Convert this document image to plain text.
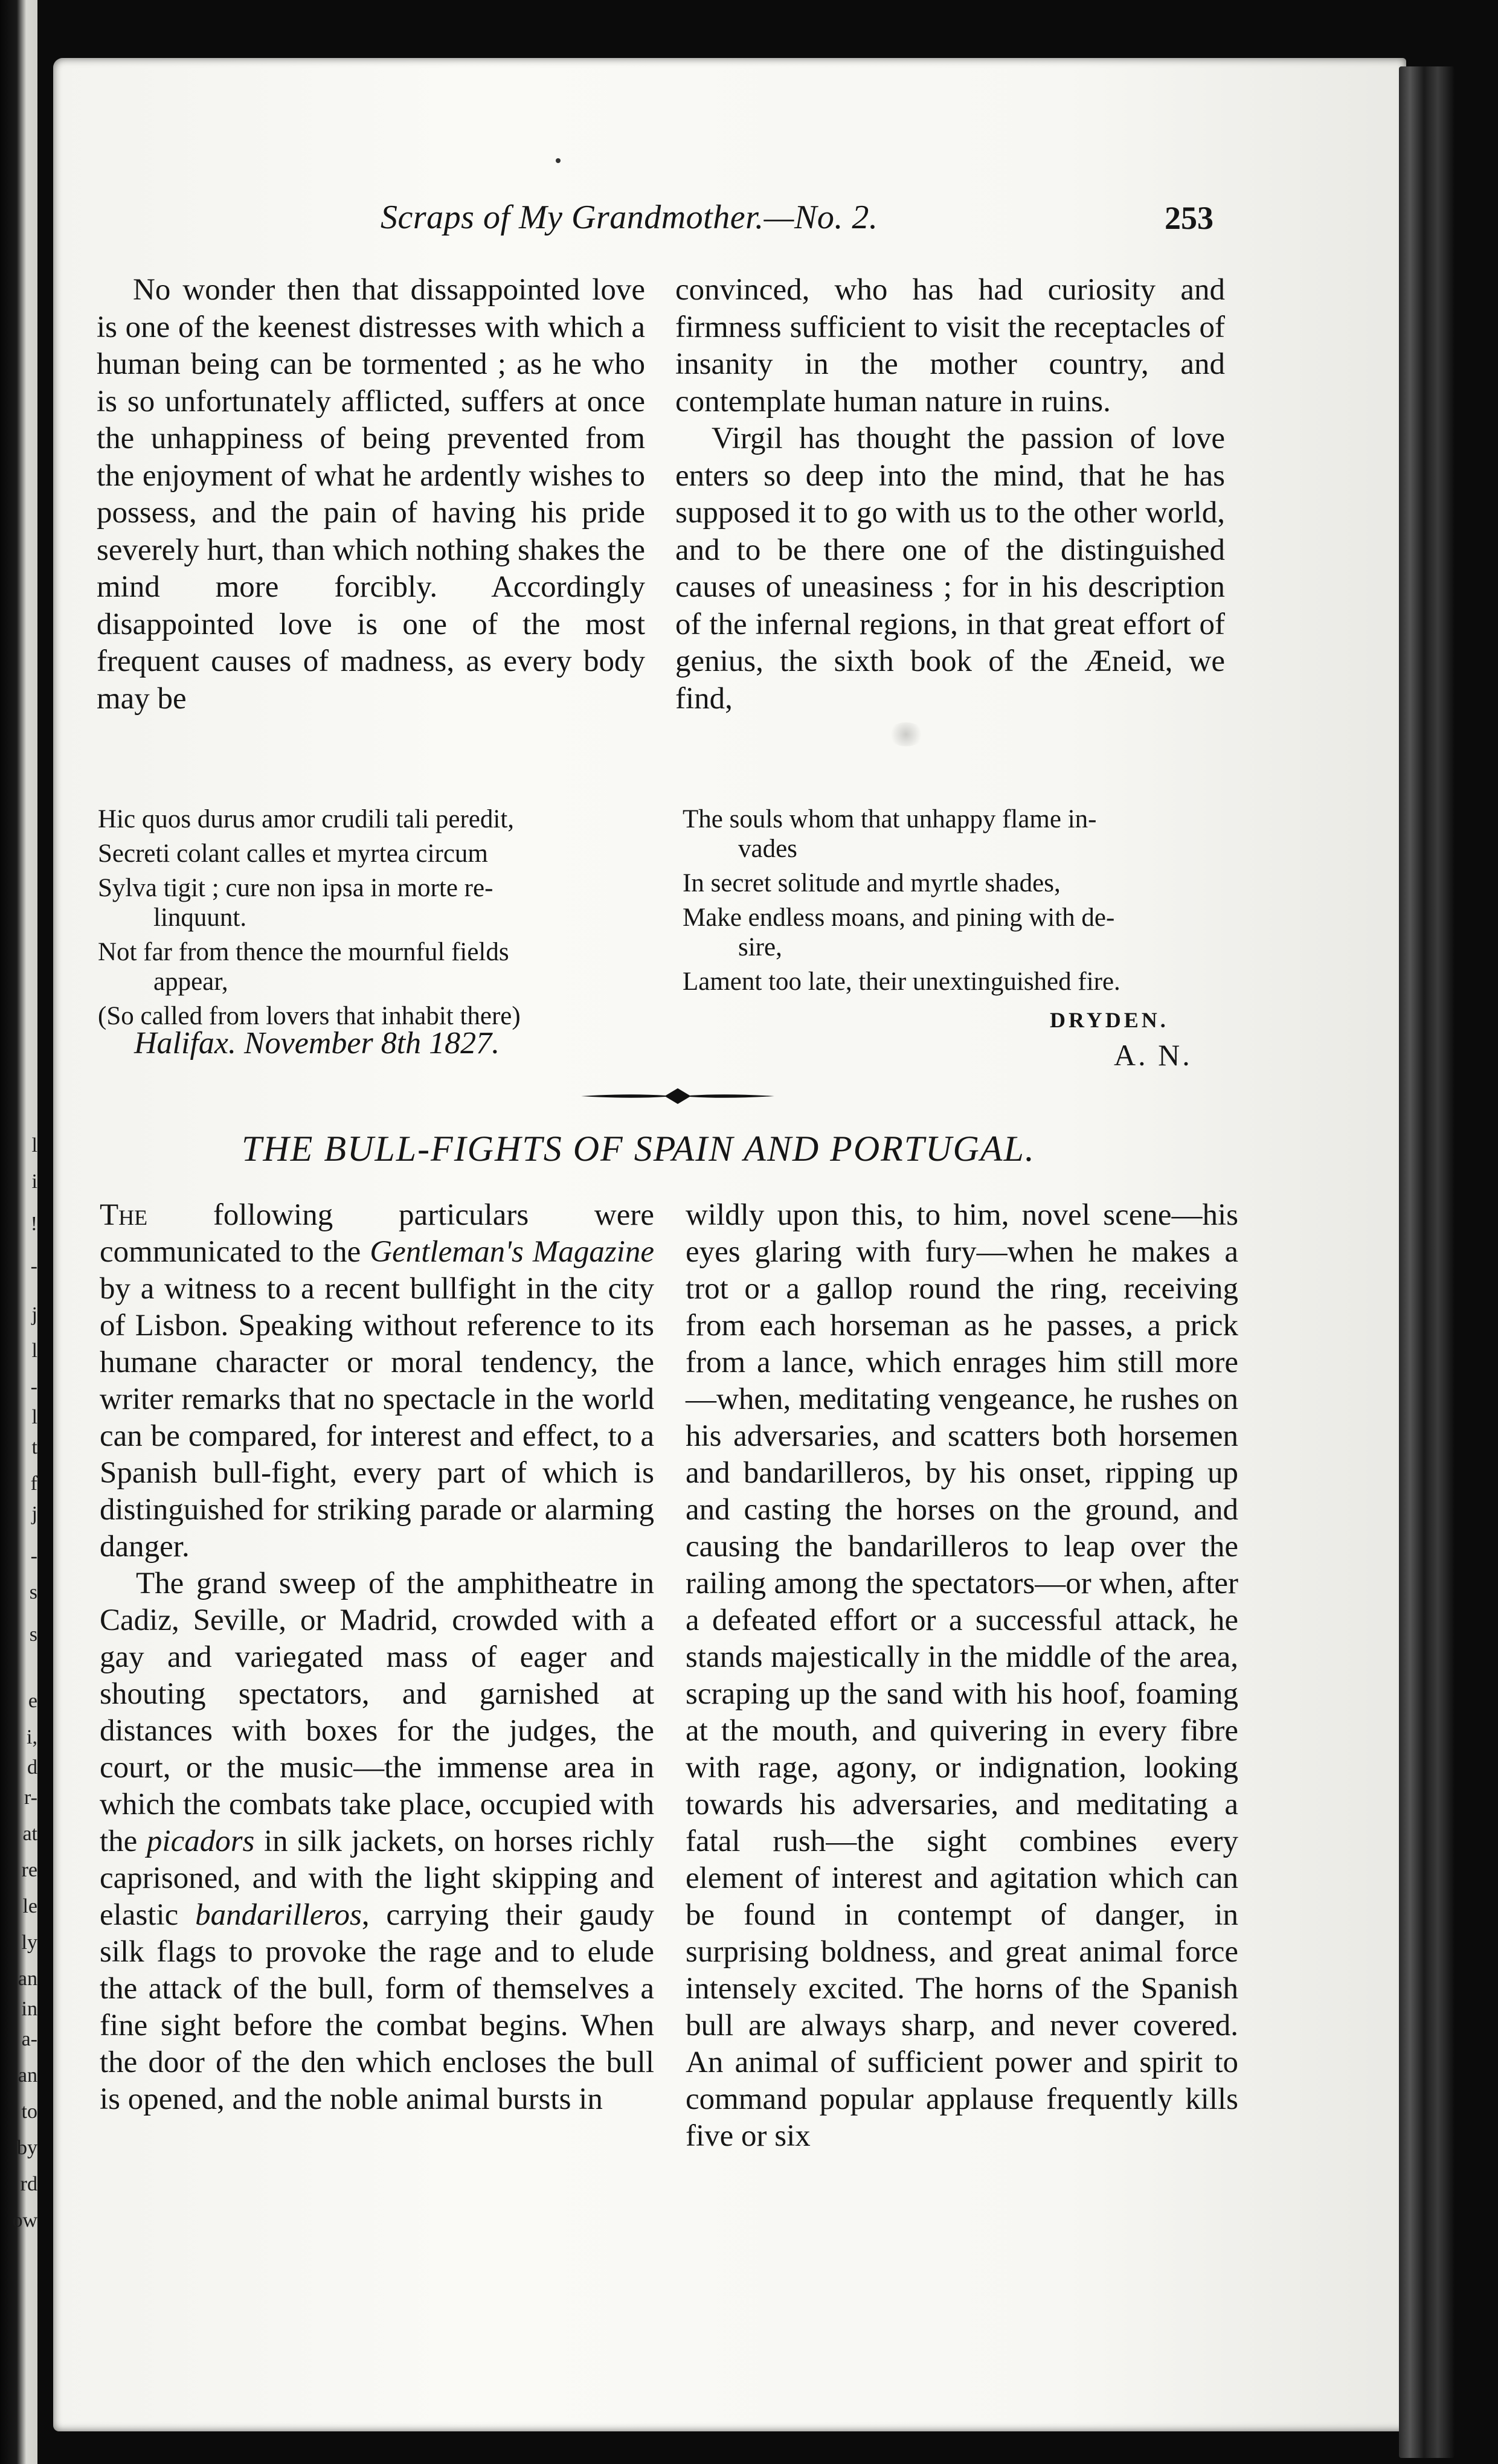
l
i
!
-
j
l
-
l
t
f
j
-
s
s
e
i,
d
r-
at
re
le
ly
an
in
a-
an
to
by
rd
ow
Scraps of My Grandmother.—No. 2.	253

No wonder then that dissappointed love is one of the keenest distresses with which a human being can be tormented ; as he who is so unfortunately afflicted, suffers at once the unhappiness of being prevented from the enjoyment of what he ardently wishes to possess, and the pain of having his pride severely hurt, than which nothing shakes the mind more forcibly. Accordingly disappointed love is one of the most frequent causes of madness, as every body may be

convinced, who has had curiosity and firmness sufficient to visit the receptacles of insanity in the mother country, and contemplate human nature in ruins.

Virgil has thought the passion of love enters so deep into the mind, that he has supposed it to go with us to the other world, and to be there one of the distinguished causes of uneasiness ; for in his description of the infernal regions, in that great effort of genius, the sixth book of the Æneid, we find,

Hic quos durus amor crudili tali peredit,
Secreti colant calles et myrtea circum
Sylva tigit ; cure non ipsa in morte re-
linquunt.
Not far from thence the mournful fields
appear,
(So called from lovers that inhabit there)
The souls whom that unhappy flame in-
vades
In secret solitude and myrtle shades,
Make endless moans, and pining with de-
sire,
Lament too late, their unextinguished fire.
Halifax. November 8th 1827.
DRYDEN.
A. N.
THE BULL-FIGHTS OF SPAIN AND PORTUGAL.

The following particulars were communicated to the Gentleman's Magazine by a witness to a recent bullfight in the city of Lisbon. Speaking without reference to its humane character or moral tendency, the writer remarks that no spectacle in the world can be compared, for interest and effect, to a Spanish bull-fight, every part of which is distinguished for striking parade or alarming danger.

The grand sweep of the amphitheatre in Cadiz, Seville, or Madrid, crowded with a gay and variegated mass of eager and shouting spectators, and garnished at distances with boxes for the judges, the court, or the music—the immense area in which the combats take place, occupied with the picadors in silk jackets, on horses richly caprisoned, and with the light skipping and elastic bandarilleros, carrying their gaudy silk flags to provoke the rage and to elude the attack of the bull, form of themselves a fine sight before the combat begins. When the door of the den which encloses the bull is opened, and the noble animal bursts in

wildly upon this, to him, novel scene—his eyes glaring with fury—when he makes a trot or a gallop round the ring, receiving from each horseman as he passes, a prick from a lance, which enrages him still more—when, meditating vengeance, he rushes on his adversaries, and scatters both horsemen and bandarilleros, by his onset, ripping up and casting the horses on the ground, and causing the bandarilleros to leap over the railing among the spectators—or when, after a defeated effort or a successful attack, he stands majestically in the middle of the area, scraping up the sand with his hoof, foaming at the mouth, and quivering in every fibre with rage, agony, or indignation, looking towards his adversaries, and meditating a fatal rush—the sight combines every element of interest and agitation which can be found in contempt of danger, in surprising boldness, and great animal force intensely excited. The horns of the Spanish bull are always sharp, and never covered. An animal of sufficient power and spirit to command popular applause frequently kills five or six
